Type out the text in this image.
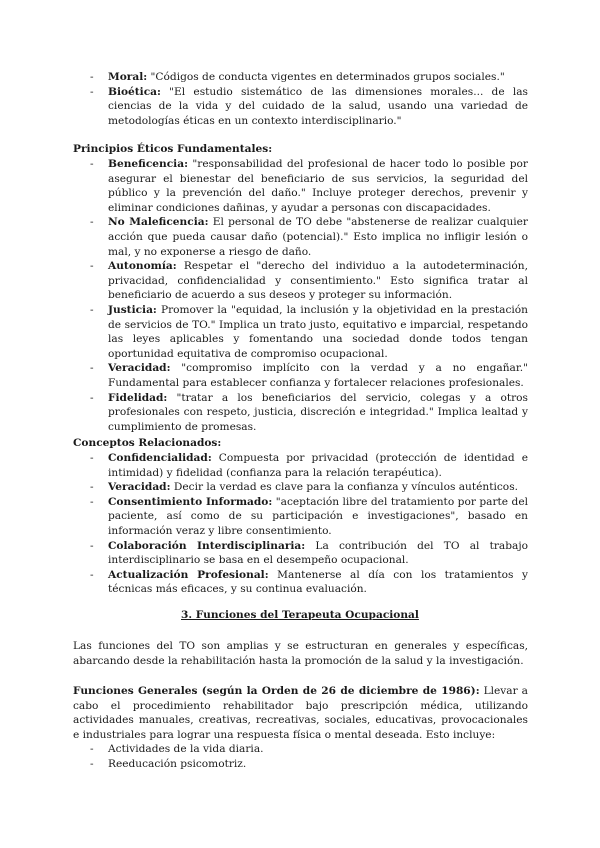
- Moral: "Códigos de conducta vigentes en determinados grupos sociales."
- Bioética: "El estudio sistemático de las dimensiones morales... de las ciencias de la vida y del cuidado de la salud, usando una variedad de metodologías éticas en un contexto interdisciplinario."
Principios Éticos Fundamentales:
- Beneficencia: "responsabilidad del profesional de hacer todo lo posible por asegurar el bienestar del beneficiario de sus servicios, la seguridad del público y la prevención del daño." Incluye proteger derechos, prevenir y eliminar condiciones dañinas, y ayudar a personas con discapacidades.
- No Maleficencia: El personal de TO debe "abstenerse de realizar cualquier acción que pueda causar daño (potencial)." Esto implica no infligir lesión o mal, y no exponerse a riesgo de daño.
- Autonomía: Respetar el "derecho del individuo a la autodeterminación, privacidad, confidencialidad y consentimiento." Esto significa tratar al beneficiario de acuerdo a sus deseos y proteger su información.
- Justicia: Promover la "equidad, la inclusión y la objetividad en la prestación de servicios de TO." Implica un trato justo, equitativo e imparcial, respetando las leyes aplicables y fomentando una sociedad donde todos tengan oportunidad equitativa de compromiso ocupacional.
- Veracidad: "compromiso implícito con la verdad y a no engañar." Fundamental para establecer confianza y fortalecer relaciones profesionales.
- Fidelidad: "tratar a los beneficiarios del servicio, colegas y a otros profesionales con respeto, justicia, discreción e integridad." Implica lealtad y cumplimiento de promesas.
Conceptos Relacionados:
- Confidencialidad: Compuesta por privacidad (protección de identidad e intimidad) y fidelidad (confianza para la relación terapéutica).
- Veracidad: Decir la verdad es clave para la confianza y vínculos auténticos.
- Consentimiento Informado: "aceptación libre del tratamiento por parte del paciente, así como de su participación e investigaciones", basado en información veraz y libre consentimiento.
- Colaboración Interdisciplinaria: La contribución del TO al trabajo interdisciplinario se basa en el desempeño ocupacional.
- Actualización Profesional: Mantenerse al día con los tratamientos y técnicas más eficaces, y su continua evaluación.
3. Funciones del Terapeuta Ocupacional
Las funciones del TO son amplias y se estructuran en generales y específicas, abarcando desde la rehabilitación hasta la promoción de la salud y la investigación.
Funciones Generales (según la Orden de 26 de diciembre de 1986): Llevar a cabo el procedimiento rehabilitador bajo prescripción médica, utilizando actividades manuales, creativas, recreativas, sociales, educativas, provocacionales e industriales para lograr una respuesta física o mental deseada. Esto incluye:
- Actividades de la vida diaria.
- Reeducación psicomotriz.
